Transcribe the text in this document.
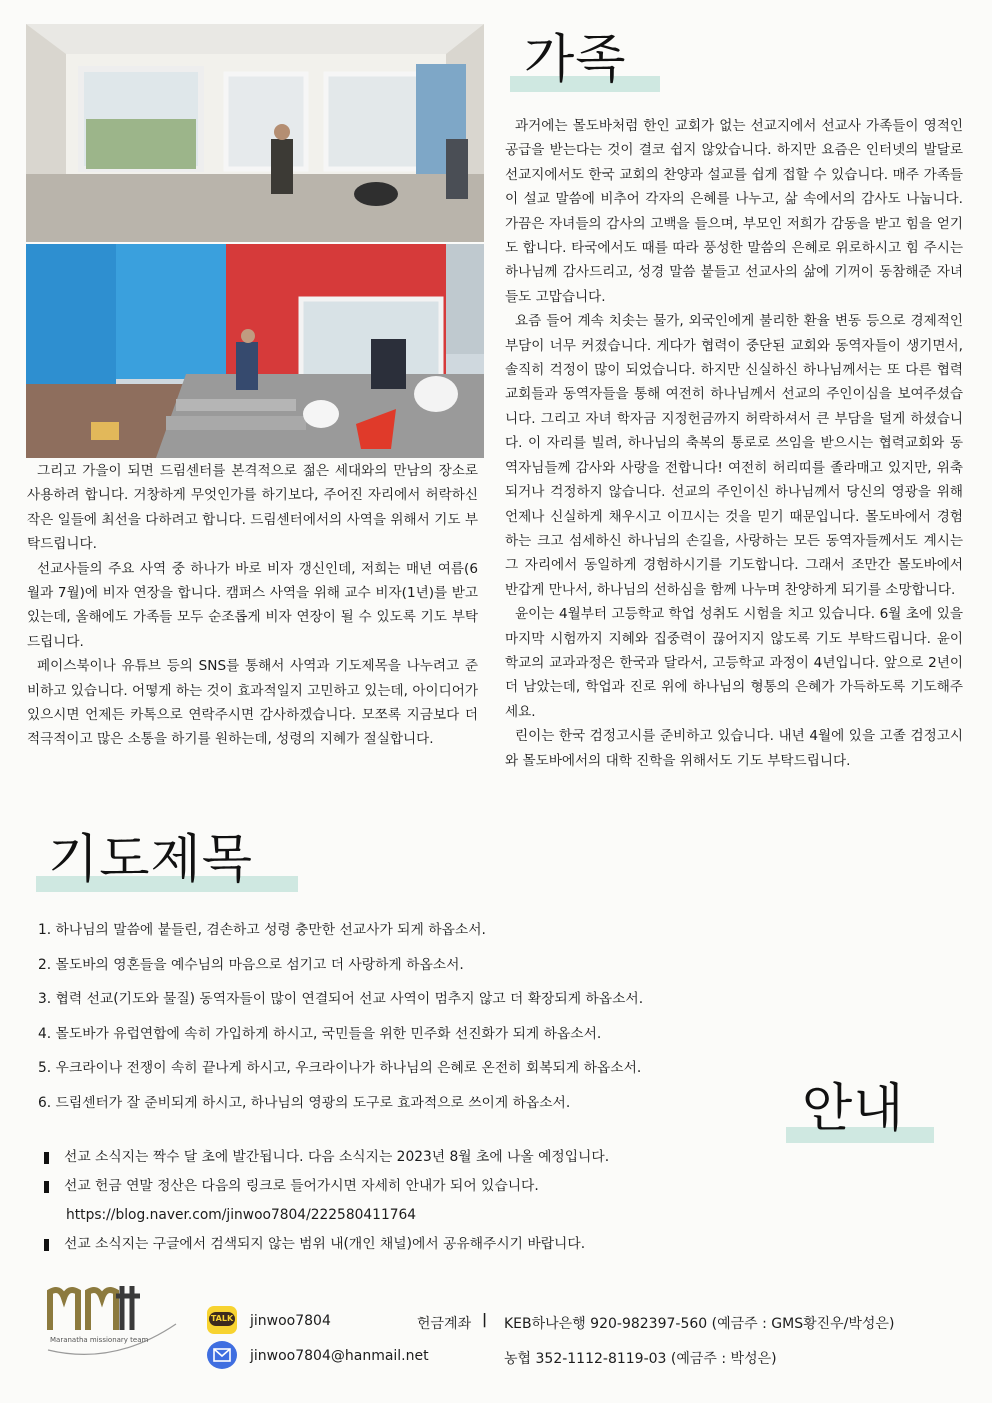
가족

과거에는 몰도바처럼 한인 교회가 없는 선교지에서 선교사 가족들이 영적인 공급을 받는다는 것이 결코 쉽지 않았습니다. 하지만 요즘은 인터넷의 발달로 선교지에서도 한국 교회의 찬양과 설교를 쉽게 접할 수 있습니다. 매주 가족들이 설교 말씀에 비추어 각자의 은혜를 나누고, 삶 속에서의 감사도 나눕니다. 가끔은 자녀들의 감사의 고백을 들으며, 부모인 저희가 감동을 받고 힘을 얻기도 합니다. 타국에서도 때를 따라 풍성한 말씀의 은혜로 위로하시고 힘 주시는 하나님께 감사드리고, 성경 말씀 붙들고 선교사의 삶에 기꺼이 동참해준 자녀들도 고맙습니다.

요즘 들어 계속 치솟는 물가, 외국인에게 불리한 환율 변동 등으로 경제적인 부담이 너무 커졌습니다. 게다가 협력이 중단된 교회와 동역자들이 생기면서, 솔직히 걱정이 많이 되었습니다. 하지만 신실하신 하나님께서는 또 다른 협력 교회들과 동역자들을 통해 여전히 하나님께서 선교의 주인이심을 보여주셨습니다. 그리고 자녀 학자금 지정헌금까지 허락하셔서 큰 부담을 덜게 하셨습니다. 이 자리를 빌려, 하나님의 축복의 통로로 쓰임을 받으시는 협력교회와 동역자님들께 감사와 사랑을 전합니다! 여전히 허리띠를 졸라매고 있지만, 위축되거나 걱정하지 않습니다. 선교의 주인이신 하나님께서 당신의 영광을 위해 언제나 신실하게 채우시고 이끄시는 것을 믿기 때문입니다. 몰도바에서 경험하는 크고 섬세하신 하나님의 손길을, 사랑하는 모든 동역자들께서도 계시는 그 자리에서 동일하게 경험하시기를 기도합니다. 그래서 조만간 몰도바에서 반갑게 만나서, 하나님의 선하심을 함께 나누며 찬양하게 되기를 소망합니다.

윤이는 4월부터 고등학교 학업 성취도 시험을 치고 있습니다. 6월 초에 있을 마지막 시험까지 지혜와 집중력이 끊어지지 않도록 기도 부탁드립니다. 윤이 학교의 교과과정은 한국과 달라서, 고등학교 과정이 4년입니다. 앞으로 2년이 더 남았는데, 학업과 진로 위에 하나님의 형통의 은혜가 가득하도록 기도해주세요.

린이는 한국 검정고시를 준비하고 있습니다. 내년 4월에 있을 고졸 검정고시와 몰도바에서의 대학 진학을 위해서도 기도 부탁드립니다.

그리고 가을이 되면 드림센터를 본격적으로 젊은 세대와의 만남의 장소로 사용하려 합니다. 거창하게 무엇인가를 하기보다, 주어진 자리에서 허락하신 작은 일들에 최선을 다하려고 합니다. 드림센터에서의 사역을 위해서 기도 부탁드립니다.

선교사들의 주요 사역 중 하나가 바로 비자 갱신인데, 저희는 매년 여름(6월과 7월)에 비자 연장을 합니다. 캠퍼스 사역을 위해 교수 비자(1년)를 받고 있는데, 올해에도 가족들 모두 순조롭게 비자 연장이 될 수 있도록 기도 부탁드립니다.

페이스북이나 유튜브 등의 SNS를 통해서 사역과 기도제목을 나누려고 준비하고 있습니다. 어떻게 하는 것이 효과적일지 고민하고 있는데, 아이디어가 있으시면 언제든 카톡으로 연락주시면 감사하겠습니다. 모쪼록 지금보다 더 적극적이고 많은 소통을 하기를 원하는데, 성령의 지혜가 절실합니다.

기도제목
1. 하나님의 말씀에 붙들린, 겸손하고 성령 충만한 선교사가 되게 하옵소서.
2. 몰도바의 영혼들을 예수님의 마음으로 섬기고 더 사랑하게 하옵소서.
3. 협력 선교(기도와 물질) 동역자들이 많이 연결되어 선교 사역이 멈추지 않고 더 확장되게 하옵소서.
4. 몰도바가 유럽연합에 속히 가입하게 하시고, 국민들을 위한 민주화 선진화가 되게 하옵소서.
5. 우크라이나 전쟁이 속히 끝나게 하시고, 우크라이나가 하나님의 은혜로 온전히 회복되게 하옵소서.
6. 드림센터가 잘 준비되게 하시고, 하나님의 영광의 도구로 효과적으로 쓰이게 하옵소서.	안내
선교 소식지는 짝수 달 초에 발간됩니다. 다음 소식지는 2023년 8월 초에 나올 예정입니다.
선교 헌금 연말 정산은 다음의 링크로 들어가시면 자세히 안내가 되어 있습니다.
https://blog.naver.com/jinwoo7804/222580411764
선교 소식지는 구글에서 검색되지 않는 범위 내(개인 채널)에서 공유해주시기 바랍니다.
Maranatha missionary team
TALK jinwoo7804
jinwoo7804@hanmail.net
헌금계좌 | KEB하나은행 920-982397-560 (예금주 : GMS황진우/박성은)
농협 352-1112-8119-03 (예금주 : 박성은)
